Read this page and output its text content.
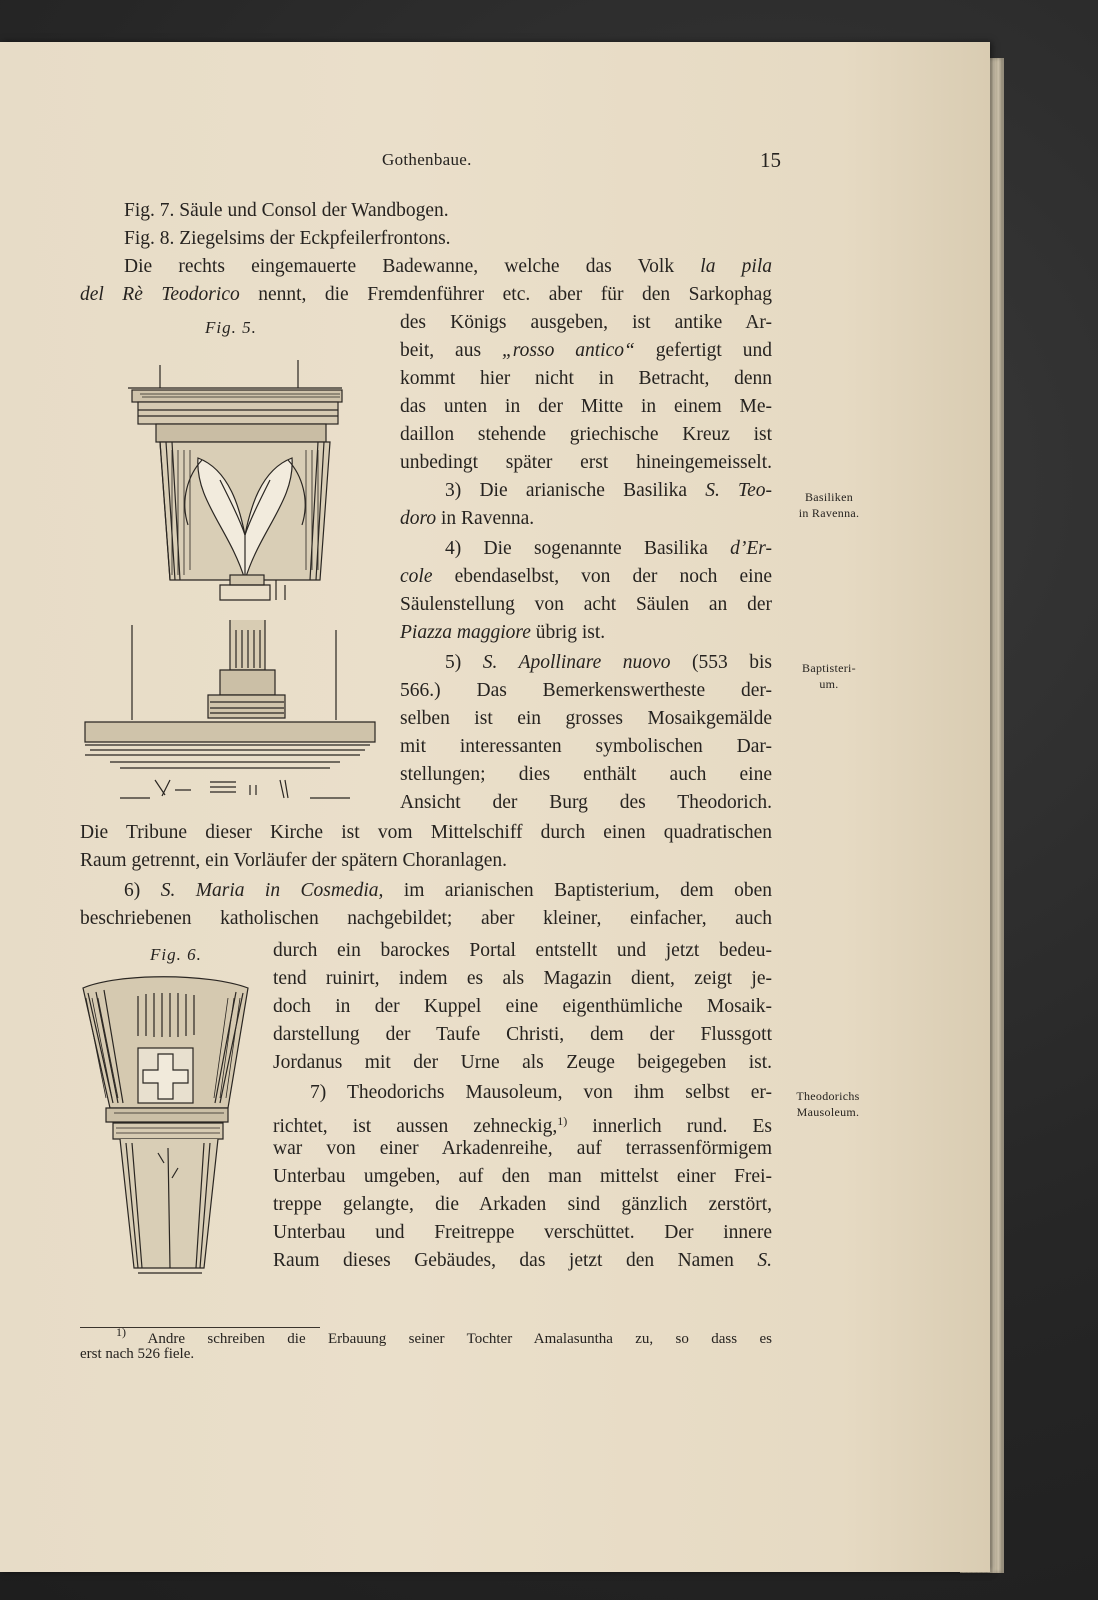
Gothenbaue.	15
Fig. 7. Säule und Consol der Wandbogen.
Fig. 8. Ziegelsims der Eckpfeilerfrontons.
Die rechts eingemauerte Badewanne, welche das Volk la pila
del Rè Teodorico nennt, die Fremdenführer etc. aber für den Sarkophag
Fig. 5.	des Königs ausgeben, ist antike Ar-
beit, aus „rosso antico“ gefertigt und
kommt hier nicht in Betracht, denn
das unten in der Mitte in einem Me-
daillon stehende griechische Kreuz ist
unbedingt später erst hineingemeisselt.
3) Die arianische Basilika S. Teo-
doro in Ravenna.
4) Die sogenannte Basilika d’Er-
cole ebendaselbst, von der noch eine
Säulenstellung von acht Säulen an der
Piazza maggiore übrig ist.
5) S. Apollinare nuovo (553 bis
566.) Das Bemerkenswertheste der-
selben ist ein grosses Mosaikgemälde
mit interessanten symbolischen Dar-
stellungen; dies enthält auch eine
Ansicht der Burg des Theodorich.
Die Tribune dieser Kirche ist vom Mittelschiff durch einen quadratischen
Raum getrennt, ein Vorläufer der spätern Choranlagen.
6) S. Maria in Cosmedia, im arianischen Baptisterium, dem oben
beschriebenen katholischen nachgebildet; aber kleiner, einfacher, auch
Fig. 6.	durch ein barockes Portal entstellt und jetzt bedeu-
tend ruinirt, indem es als Magazin dient, zeigt je-
doch in der Kuppel eine eigenthümliche Mosaik-
darstellung der Taufe Christi, dem der Flussgott
Jordanus mit der Urne als Zeuge beigegeben ist.
7) Theodorichs Mausoleum, von ihm selbst er-
richtet, ist aussen zehneckig,$^{1)}$ innerlich rund. Es
war von einer Arkadenreihe, auf terrassenförmigem
Unterbau umgeben, auf den man mittelst einer Frei-
treppe gelangte, die Arkaden sind gänzlich zerstört,
Unterbau und Freitreppe verschüttet. Der innere
Raum dieses Gebäudes, das jetzt den Namen S.
Basiliken
in Ravenna.
Baptisteri-
um.
Theodorichs
Mausoleum.
$^{1)}$ Andre schreiben die Erbauung seiner Tochter Amalasuntha zu, so dass es
erst nach 526 fiele.
